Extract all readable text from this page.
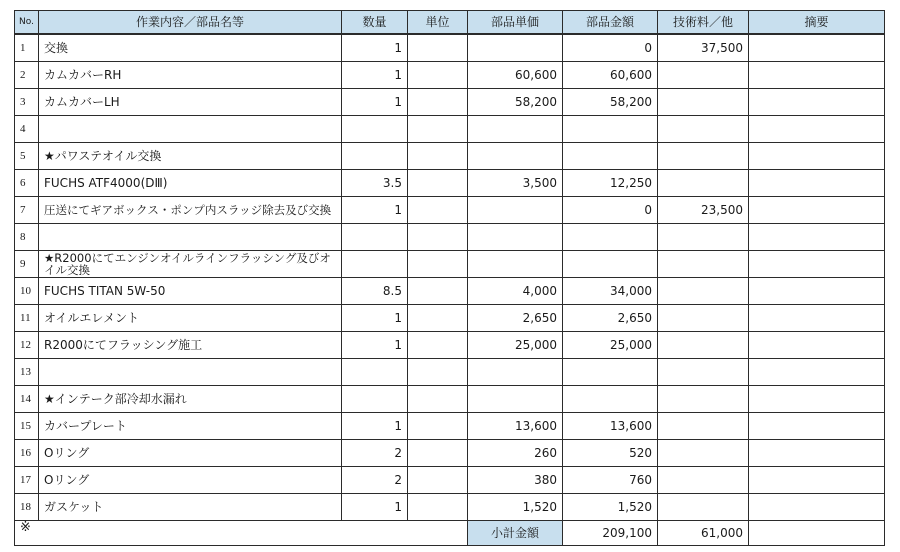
No.	作業内容／部品名等	数量	単位	部品単価	部品金額	技術料／他	摘要
1	交換	1			0	37,500	
2	カムカバーRH	1		60,600	60,600		
3	カムカバーLH	1		58,200	58,200		
4							
5	★パワステオイル交換						
6	FUCHS ATF4000(DⅢ)	3.5		3,500	12,250		
7	圧送にてギアボックス・ポンプ内スラッジ除去及び交換	1			0	23,500	
8							
9	★R2000にてエンジンオイルラインフラッシング及びオイル交換						
10	FUCHS TITAN 5W-50	8.5		4,000	34,000		
11	オイルエレメント	1		2,650	2,650		
12	R2000にてフラッシング施工	1		25,000	25,000		
13							
14	★インテーク部冷却水漏れ						
15	カバープレート	1		13,600	13,600		
16	Oリング	2		260	520		
17	Oリング	2		380	760		
18	ガスケット	1		1,520	1,520		
※				小計金額	209,100	61,000	
